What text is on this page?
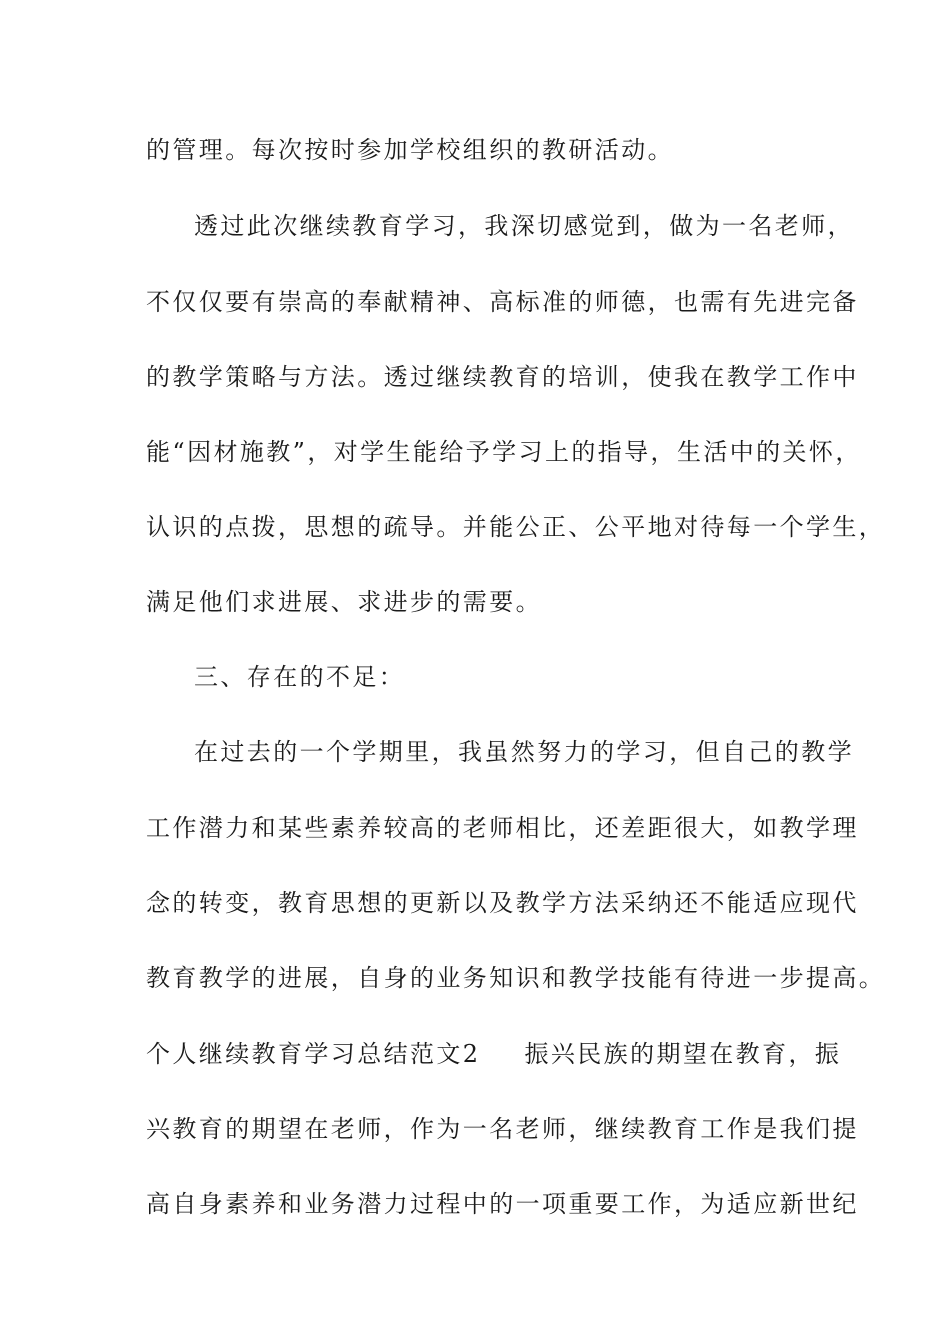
的管理。每次按时参加学校组织的教研活动。
透过此次继续教育学习，我深切感觉到，做为一名老师，
不仅仅要有崇高的奉献精神、高标准的师德，也需有先进完备
的教学策略与方法。透过继续教育的培训，使我在教学工作中
能“因材施教”，对学生能给予学习上的指导，生活中的关怀，
认识的点拨，思想的疏导。并能公正、公平地对待每一个学生，
满足他们求进展、求进步的需要。
三、存在的不足：
在过去的一个学期里，我虽然努力的学习，但自己的教学
工作潜力和某些素养较高的老师相比，还差距很大，如教学理
念的转变，教育思想的更新以及教学方法采纳还不能适应现代
教育教学的进展，自身的业务知识和教学技能有待进一步提高。
个人继续教育学习总结范文2 振兴民族的期望在教育，振
兴教育的期望在老师，作为一名老师，继续教育工作是我们提
高自身素养和业务潜力过程中的一项重要工作，为适应新世纪
